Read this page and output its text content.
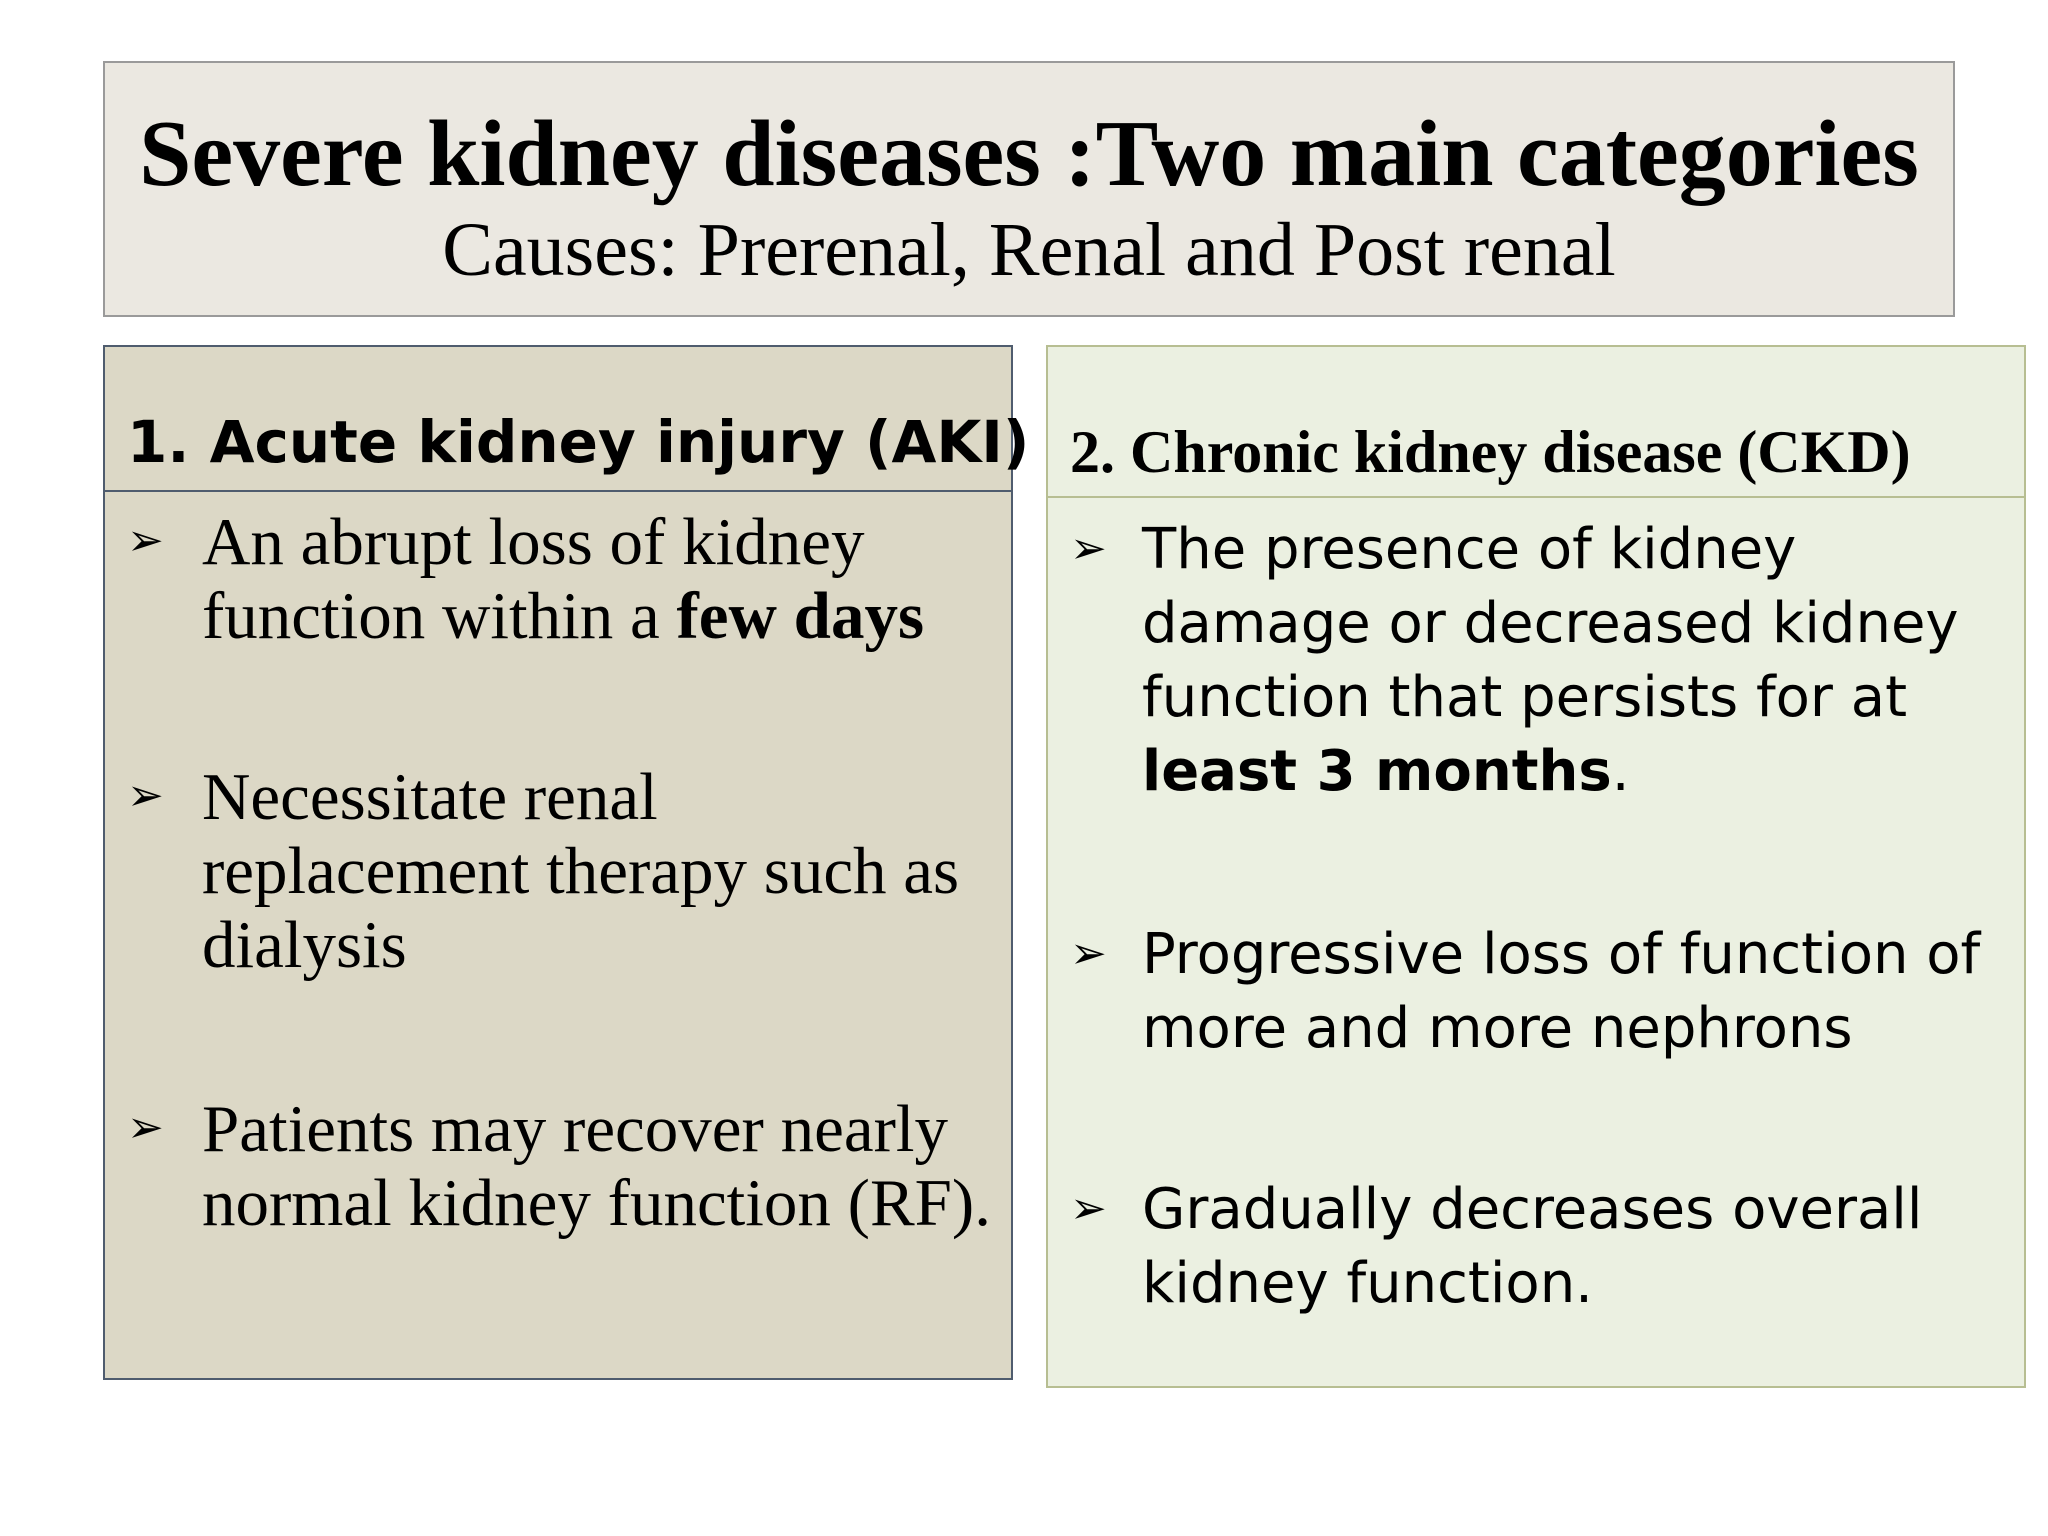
Severe kidney diseases :Two main categories
Causes: Prerenal, Renal and Post renal
1. Acute kidney injury (AKI)
➢ An abrupt loss of kidney function within a few days
➢ Necessitate renal replacement therapy such as dialysis
➢ Patients may recover nearly normal kidney function (RF).
2. Chronic kidney disease (CKD)
➢ The presence of kidney damage or decreased kidney function that persists for at least 3 months.
➢ Progressive loss of function of more and more nephrons
➢ Gradually decreases overall kidney function.
